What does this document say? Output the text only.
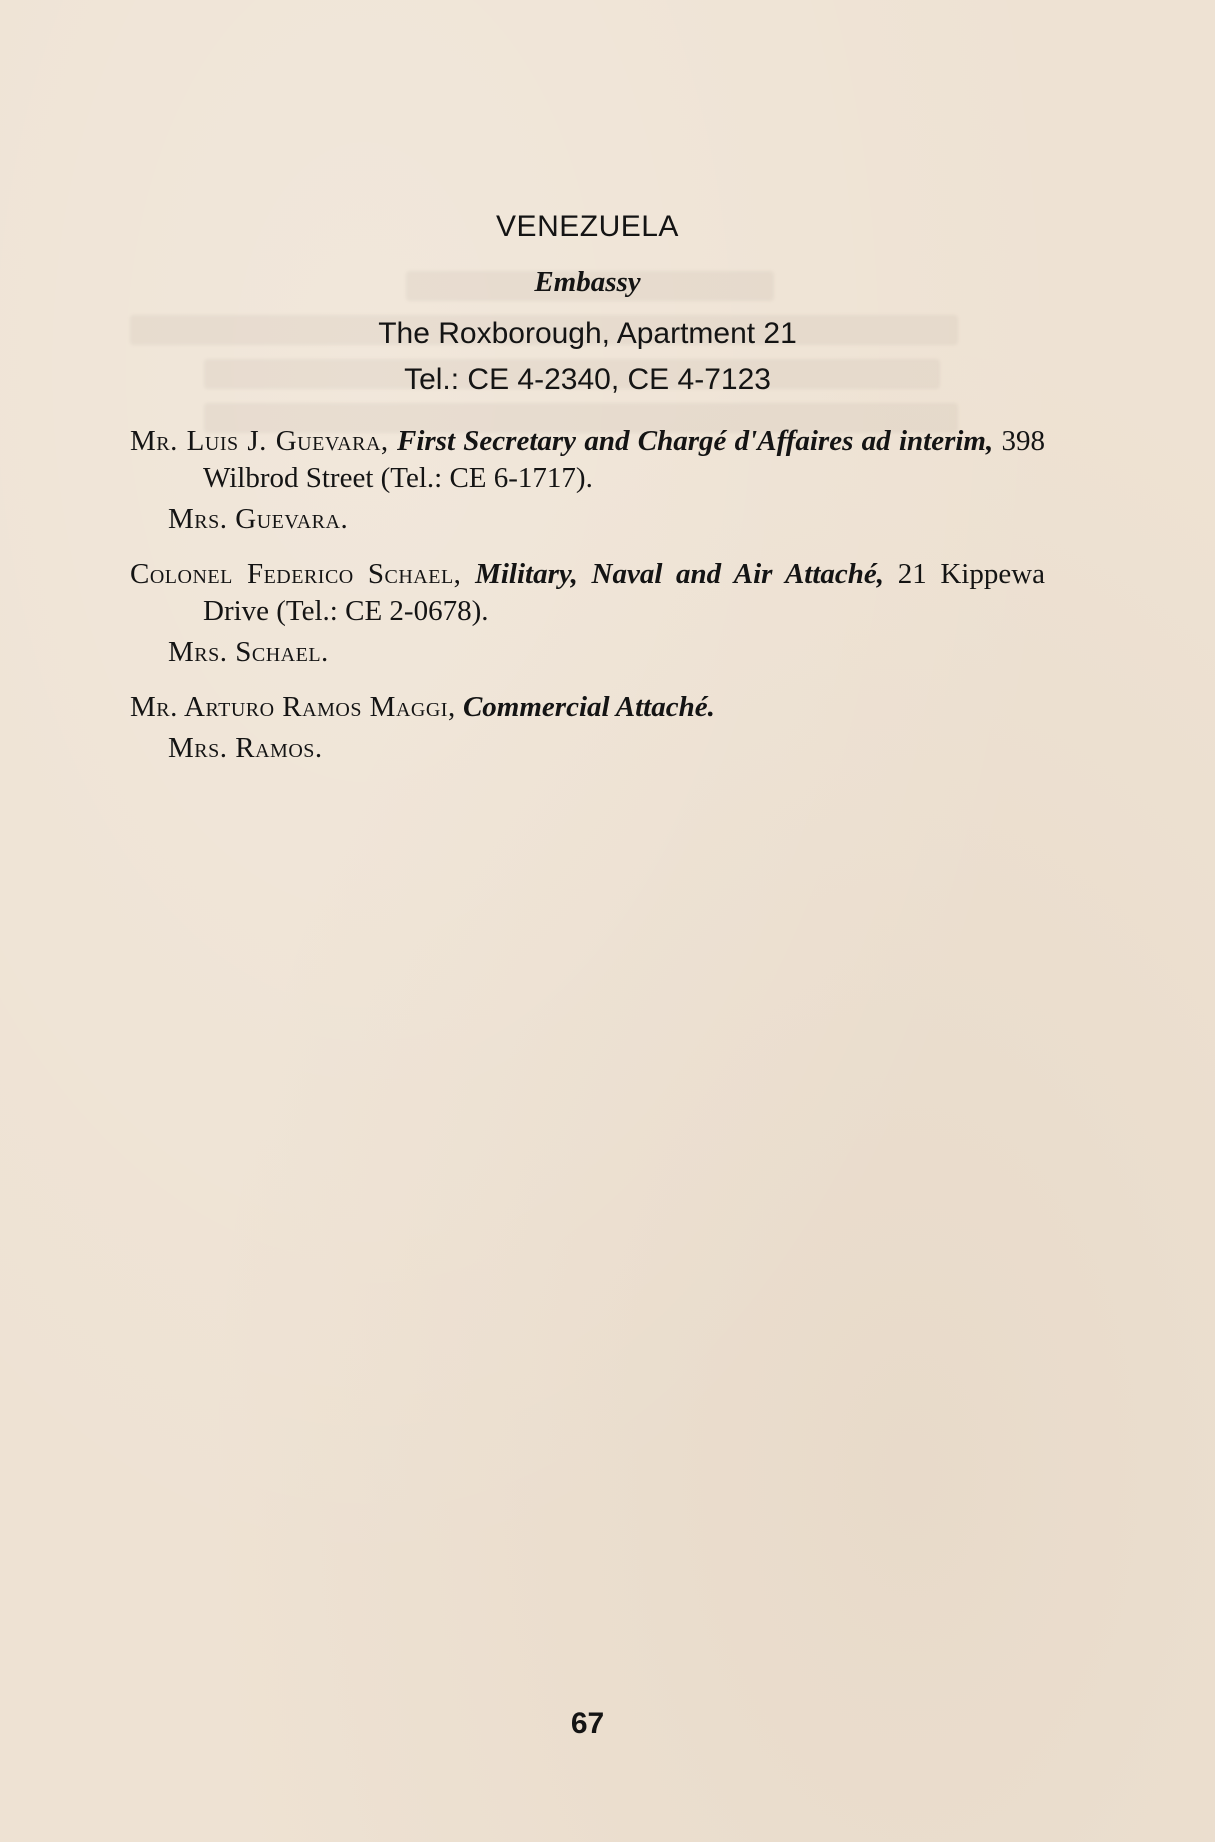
VENEZUELA
Embassy
The Roxborough, Apartment 21
Tel.: CE 4-2340, CE 4-7123
Mr. Luis J. Guevara, First Secretary and Chargé d'Affaires ad interim, 398 Wilbrod Street (Tel.: CE 6-1717).
Mrs. Guevara.
Colonel Federico Schael, Military, Naval and Air Attaché, 21 Kippewa Drive (Tel.: CE 2-0678).
Mrs. Schael.
Mr. Arturo Ramos Maggi, Commercial Attaché.
Mrs. Ramos.
67
